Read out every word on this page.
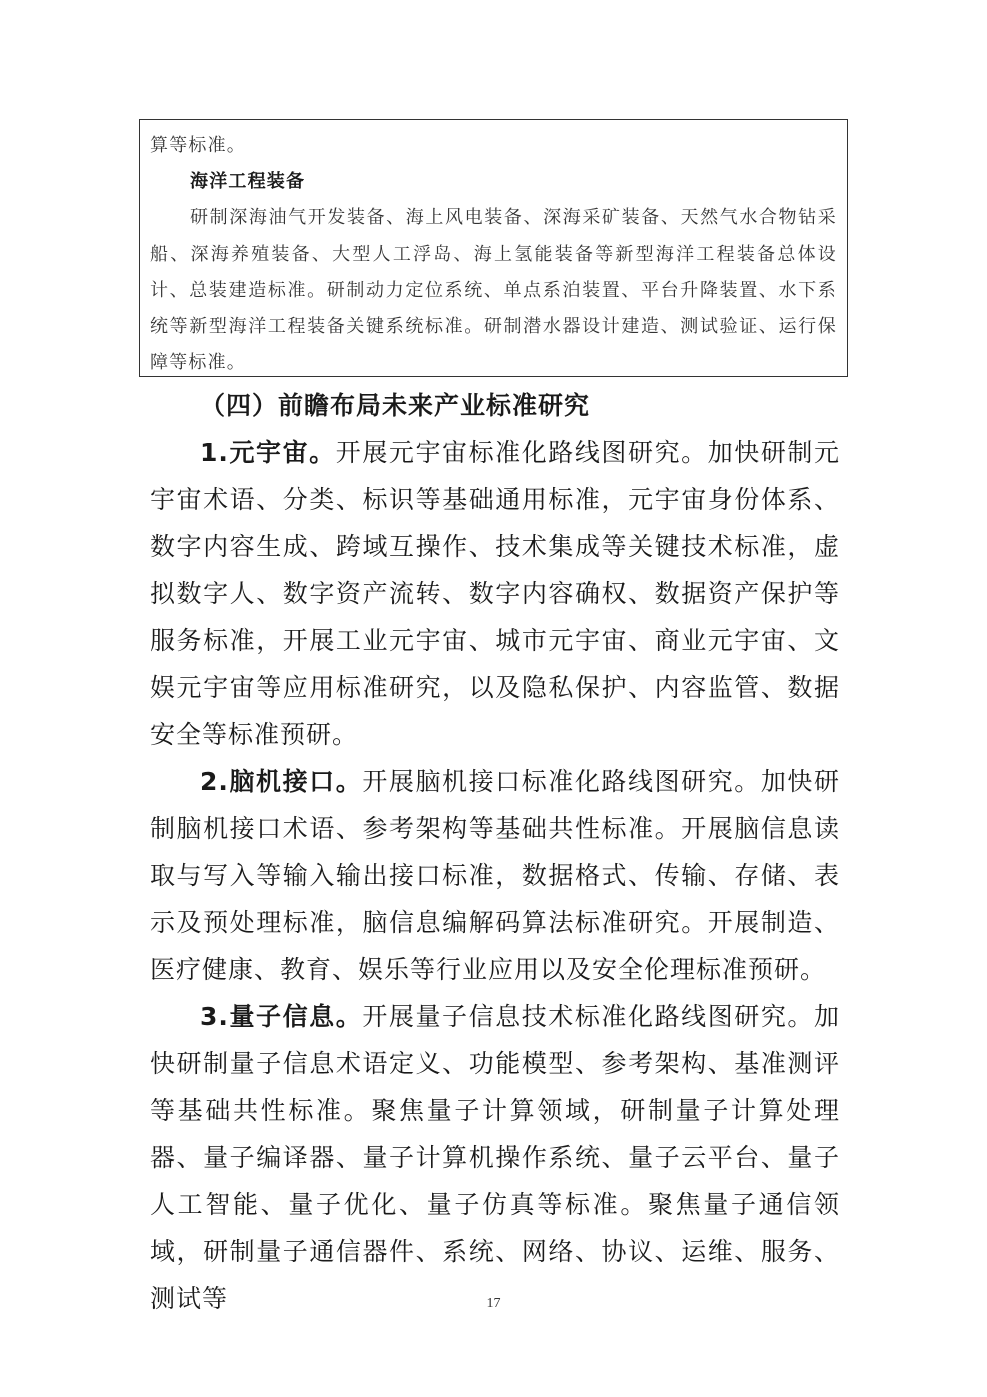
算等标准。

海洋工程装备

研制深海油气开发装备、海上风电装备、深海采矿装备、天然气水合物钻采船、深海养殖装备、大型人工浮岛、海上氢能装备等新型海洋工程装备总体设计、总装建造标准。研制动力定位系统、单点系泊装置、平台升降装置、水下系统等新型海洋工程装备关键系统标准。研制潜水器设计建造、测试验证、运行保障等标准。

（四）前瞻布局未来产业标准研究

1.元宇宙。开展元宇宙标准化路线图研究。加快研制元宇宙术语、分类、标识等基础通用标准，元宇宙身份体系、数字内容生成、跨域互操作、技术集成等关键技术标准，虚拟数字人、数字资产流转、数字内容确权、数据资产保护等服务标准，开展工业元宇宙、城市元宇宙、商业元宇宙、文娱元宇宙等应用标准研究，以及隐私保护、内容监管、数据安全等标准预研。

2.脑机接口。开展脑机接口标准化路线图研究。加快研制脑机接口术语、参考架构等基础共性标准。开展脑信息读取与写入等输入输出接口标准，数据格式、传输、存储、表示及预处理标准，脑信息编解码算法标准研究。开展制造、医疗健康、教育、娱乐等行业应用以及安全伦理标准预研。

3.量子信息。开展量子信息技术标准化路线图研究。加快研制量子信息术语定义、功能模型、参考架构、基准测评等基础共性标准。聚焦量子计算领域，研制量子计算处理器、量子编译器、量子计算机操作系统、量子云平台、量子人工智能、量子优化、量子仿真等标准。聚焦量子通信领域，研制量子通信器件、系统、网络、协议、运维、服务、测试等	17
